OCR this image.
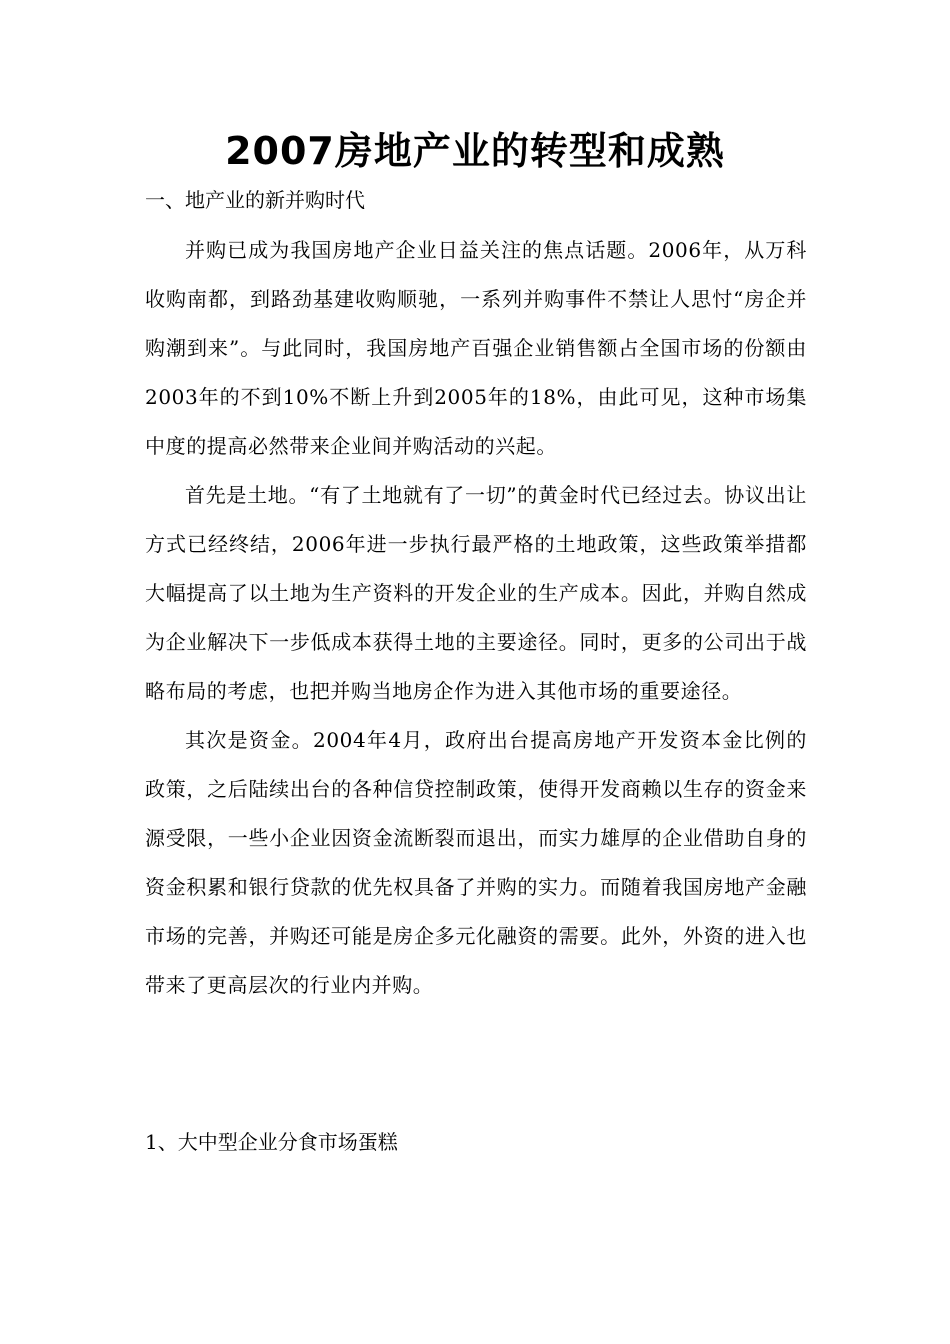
2007房地产业的转型和成熟

一、地产业的新并购时代

并购已成为我国房地产企业日益关注的焦点话题。2006年，从万科收购南都，到路劲基建收购顺驰，一系列并购事件不禁让人思忖“房企并购潮到来”。与此同时，我国房地产百强企业销售额占全国市场的份额由2003年的不到10%不断上升到2005年的18%，由此可见，这种市场集中度的提高必然带来企业间并购活动的兴起。

首先是土地。“有了土地就有了一切”的黄金时代已经过去。协议出让方式已经终结，2006年进一步执行最严格的土地政策，这些政策举措都大幅提高了以土地为生产资料的开发企业的生产成本。因此，并购自然成为企业解决下一步低成本获得土地的主要途径。同时，更多的公司出于战略布局的考虑，也把并购当地房企作为进入其他市场的重要途径。

其次是资金。2004年4月，政府出台提高房地产开发资本金比例的政策，之后陆续出台的各种信贷控制政策，使得开发商赖以生存的资金来源受限，一些小企业因资金流断裂而退出，而实力雄厚的企业借助自身的资金积累和银行贷款的优先权具备了并购的实力。而随着我国房地产金融市场的完善，并购还可能是房企多元化融资的需要。此外，外资的进入也带来了更高层次的行业内并购。

1、大中型企业分食市场蛋糕
